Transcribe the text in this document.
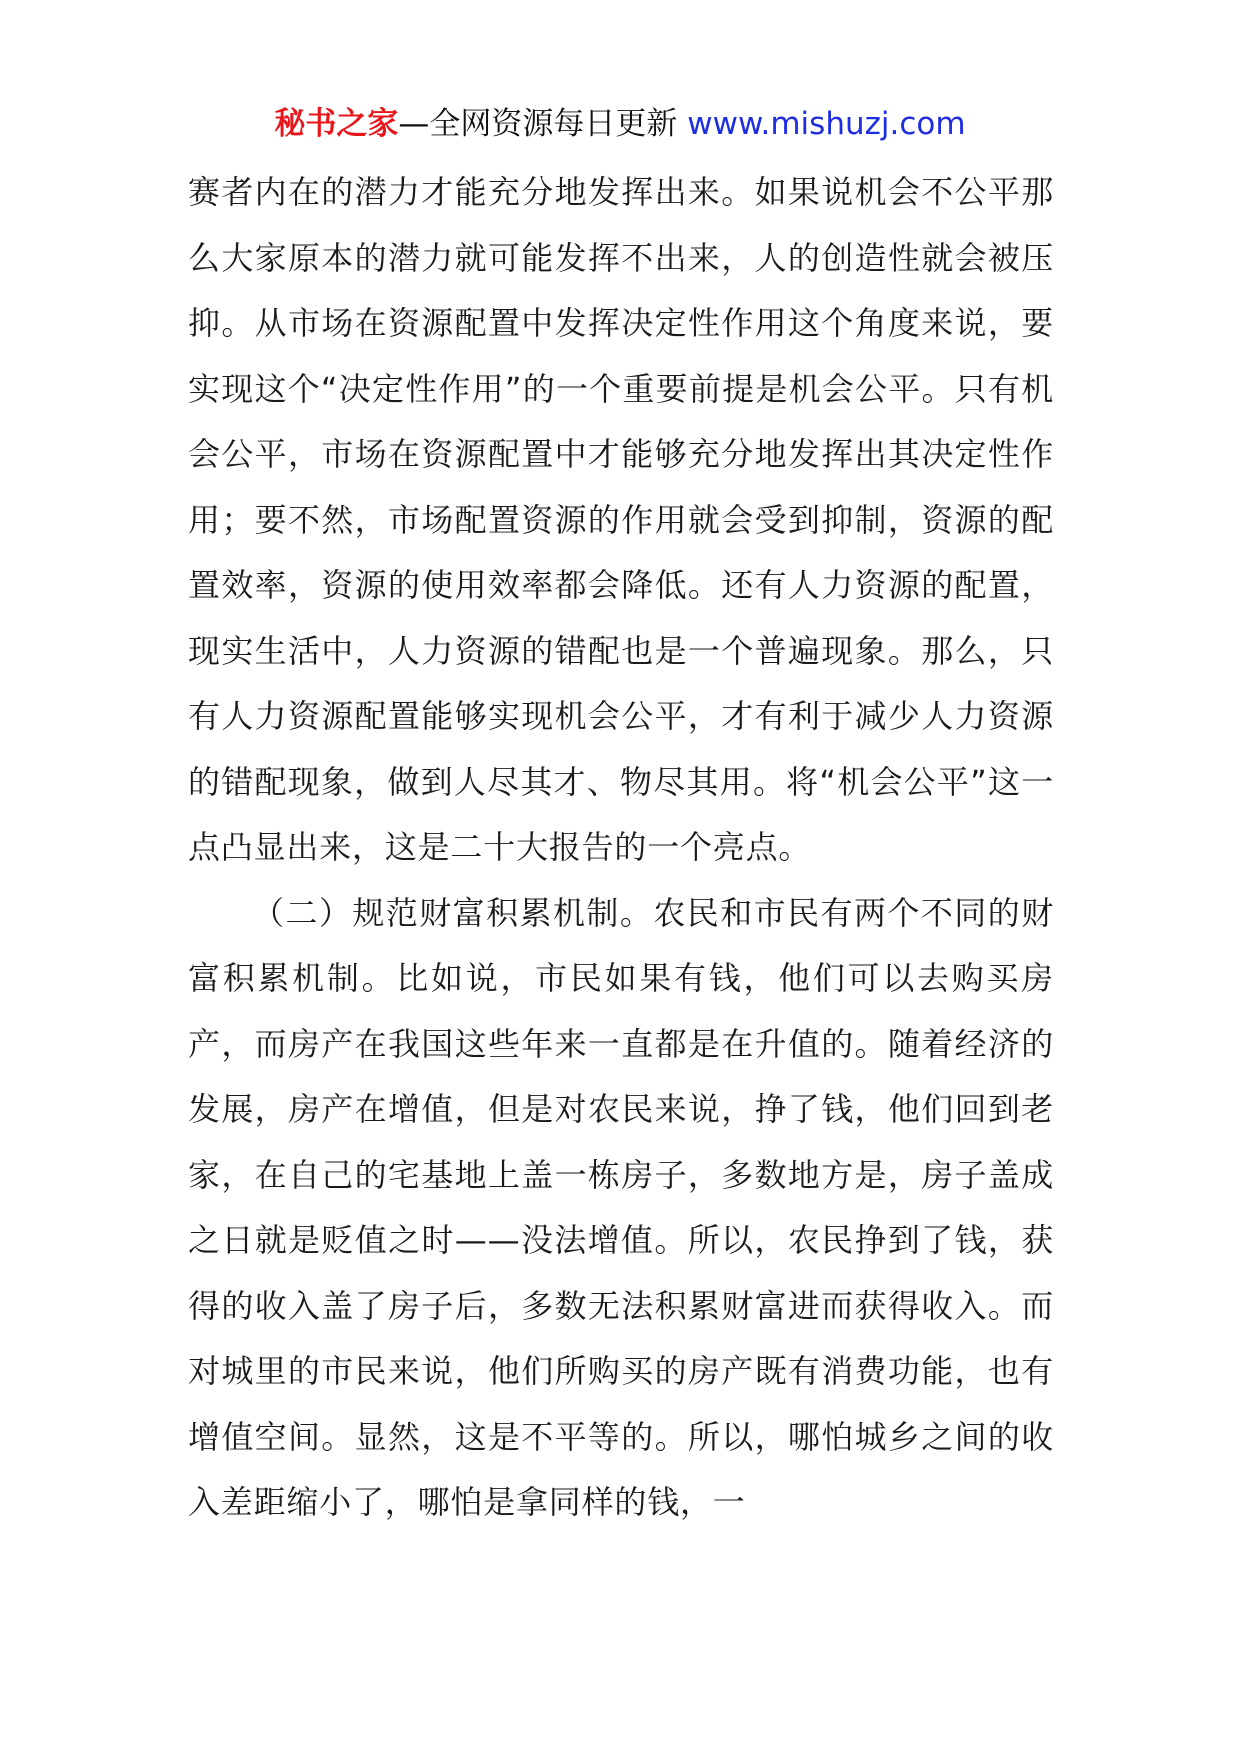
秘书之家—全网资源每日更新 www.mishuzj.com

赛者内在的潜力才能充分地发挥出来。如果说机会不公平那么大家原本的潜力就可能发挥不出来，人的创造性就会被压抑。从市场在资源配置中发挥决定性作用这个角度来说，要实现这个“决定性作用”的一个重要前提是机会公平。只有机会公平，市场在资源配置中才能够充分地发挥出其决定性作用；要不然，市场配置资源的作用就会受到抑制，资源的配置效率，资源的使用效率都会降低。还有人力资源的配置，现实生活中，人力资源的错配也是一个普遍现象。那么，只有人力资源配置能够实现机会公平，才有利于减少人力资源的错配现象，做到人尽其才、物尽其用。将“机会公平”这一点凸显出来，这是二十大报告的一个亮点。

（二）规范财富积累机制。农民和市民有两个不同的财富积累机制。比如说，市民如果有钱，他们可以去购买房产，而房产在我国这些年来一直都是在升值的。随着经济的发展，房产在增值，但是对农民来说，挣了钱，他们回到老家，在自己的宅基地上盖一栋房子，多数地方是，房子盖成之日就是贬值之时——没法增值。所以，农民挣到了钱，获得的收入盖了房子后，多数无法积累财富进而获得收入。而对城里的市民来说，他们所购买的房产既有消费功能，也有增值空间。显然，这是不平等的。所以，哪怕城乡之间的收入差距缩小了，哪怕是拿同样的钱，一
